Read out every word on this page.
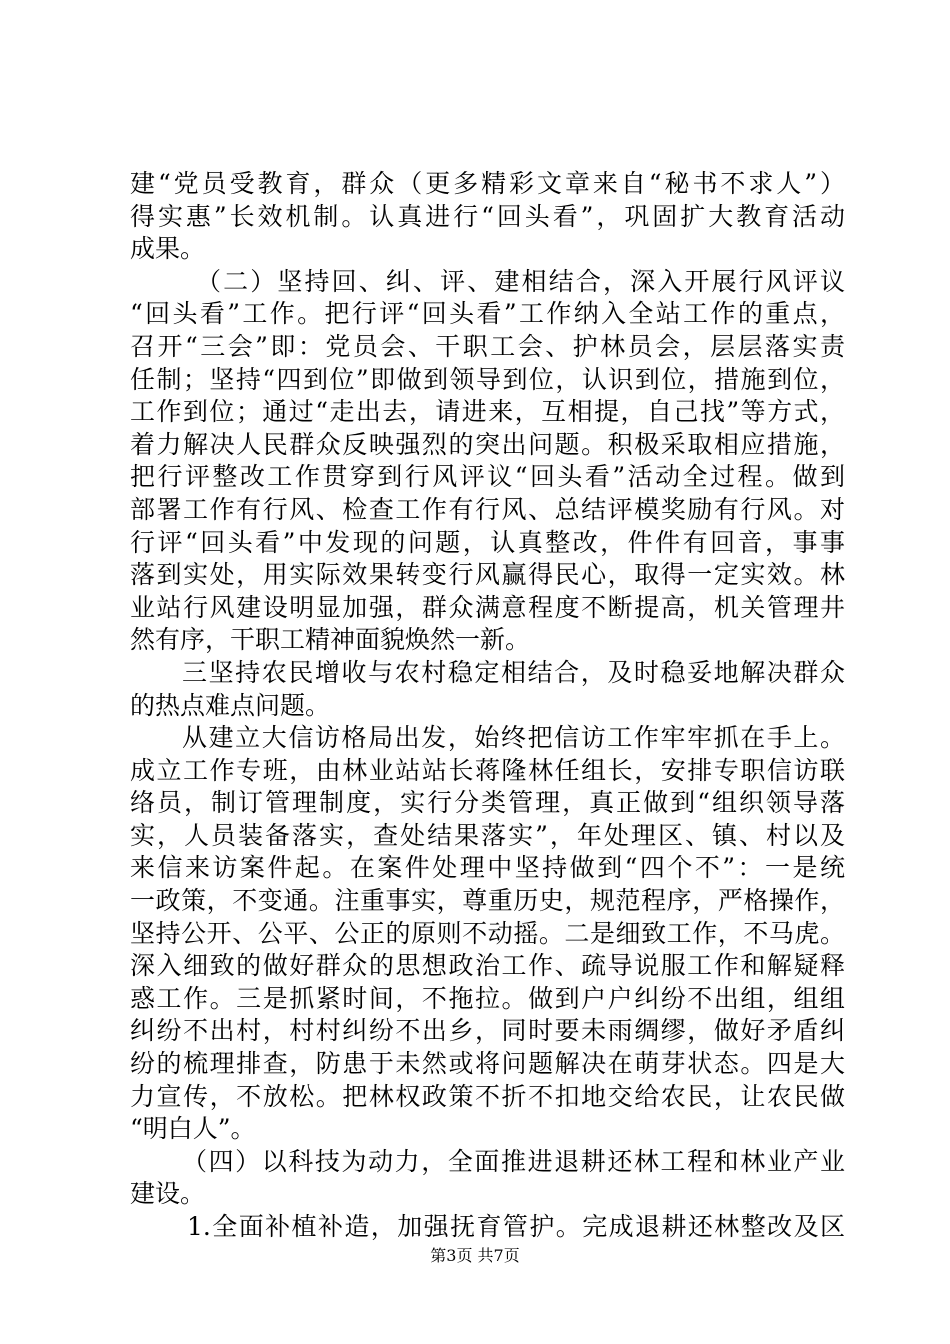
建“党员受教育，群众（更多精彩文章来自“秘书不求人”）
得实惠”长效机制。认真进行“回头看”，巩固扩大教育活动
成果。
（二）坚持回、纠、评、建相结合，深入开展行风评议
“回头看”工作。把行评“回头看”工作纳入全站工作的重点，
召开“三会”即：党员会、干职工会、护林员会，层层落实责
任制；坚持“四到位”即做到领导到位，认识到位，措施到位，
工作到位；通过“走出去，请进来，互相提，自己找”等方式，
着力解决人民群众反映强烈的突出问题。积极采取相应措施，
把行评整改工作贯穿到行风评议“回头看”活动全过程。做到
部署工作有行风、检查工作有行风、总结评模奖励有行风。对
行评“回头看”中发现的问题，认真整改，件件有回音，事事
落到实处，用实际效果转变行风赢得民心，取得一定实效。林
业站行风建设明显加强，群众满意程度不断提高，机关管理井
然有序，干职工精神面貌焕然一新。
三坚持农民增收与农村稳定相结合，及时稳妥地解决群众
的热点难点问题。
从建立大信访格局出发，始终把信访工作牢牢抓在手上。
成立工作专班，由林业站站长蒋隆林任组长，安排专职信访联
络员，制订管理制度，实行分类管理，真正做到“组织领导落
实，人员装备落实，查处结果落实”，年处理区、镇、村以及
来信来访案件起。在案件处理中坚持做到“四个不”：一是统
一政策，不变通。注重事实，尊重历史，规范程序，严格操作，
坚持公开、公平、公正的原则不动摇。二是细致工作，不马虎。
深入细致的做好群众的思想政治工作、疏导说服工作和解疑释
惑工作。三是抓紧时间，不拖拉。做到户户纠纷不出组，组组
纠纷不出村，村村纠纷不出乡，同时要未雨绸缪，做好矛盾纠
纷的梳理排查，防患于未然或将问题解决在萌芽状态。四是大
力宣传，不放松。把林权政策不折不扣地交给农民，让农民做
“明白人”。
（四）以科技为动力，全面推进退耕还林工程和林业产业
建设。
1.全面补植补造，加强抚育管护。完成退耕还林整改及区
第3页 共7页
